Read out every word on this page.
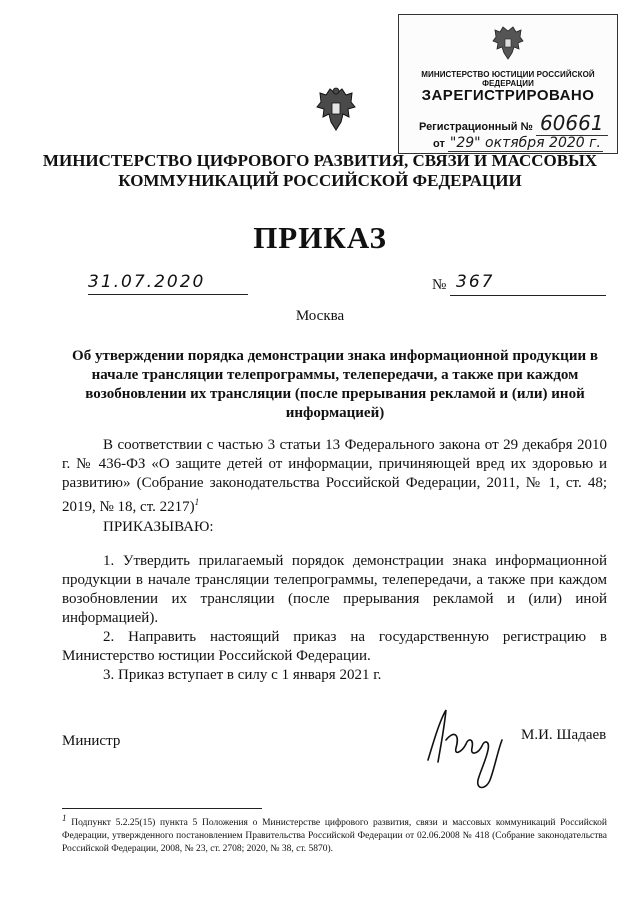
МИНИСТЕРСТВО ЮСТИЦИИ РОССИЙСКОЙ ФЕДЕРАЦИИ
ЗАРЕГИСТРИРОВАНО
Регистрационный № 60661
от "29" октября 2020 г.
МИНИСТЕРСТВО ЦИФРОВОГО РАЗВИТИЯ, СВЯЗИ И МАССОВЫХ
КОММУНИКАЦИЙ РОССИЙСКОЙ ФЕДЕРАЦИИ
ПРИКАЗ
31.07.2020	№ 367
Москва
Об утверждении порядка демонстрации знака информационной продукции в начале трансляции телепрограммы, телепередачи, а также при каждом возобновлении их трансляции (после прерывания рекламой и (или) иной информацией)
В соответствии с частью 3 статьи 13 Федерального закона от 29 декабря 2010 г. № 436-ФЗ «О защите детей от информации, причиняющей вред их здоровью и развитию» (Собрание законодательства Российской Федерации, 2011, № 1, ст. 48; 2019, № 18, ст. 2217)$^1$
ПРИКАЗЫВАЮ:
1. Утвердить прилагаемый порядок демонстрации знака информационной продукции в начале трансляции телепрограммы, телепередачи, а также при каждом возобновлении их трансляции (после прерывания рекламой и (или) иной информацией).
2. Направить настоящий приказ на государственную регистрацию в Министерство юстиции Российской Федерации.
3. Приказ вступает в силу с 1 января 2021 г.
Министр	М.И. Шадаев
$^1$ Подпункт 5.2.25(15) пункта 5 Положения о Министерстве цифрового развития, связи и массовых коммуникаций Российской Федерации, утвержденного постановлением Правительства Российской Федерации от 02.06.2008 № 418 (Собрание законодательства Российской Федерации, 2008, № 23, ст. 2708; 2020, № 38, ст. 5870).
